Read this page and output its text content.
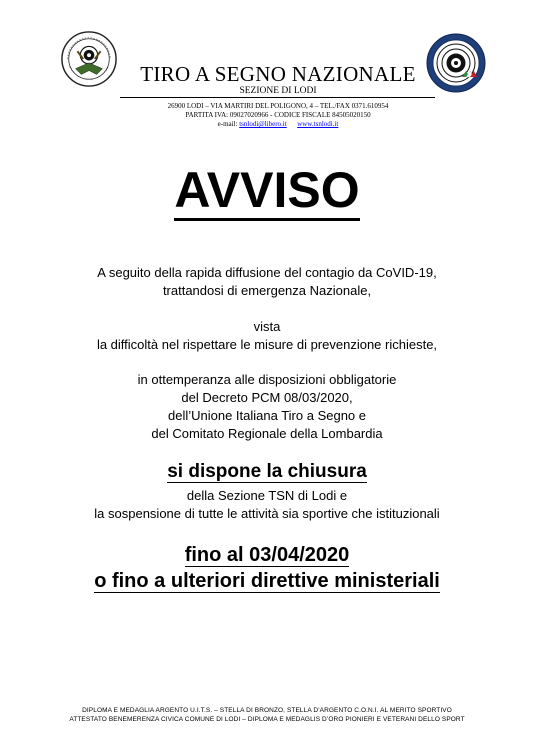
TIRO A SEGNO NAZIONALE
SEZIONE DI LODI
26900 LODI – VIA MARTIRI DEL POLIGONO, 4 – TEL./FAX 0371.610954
PARTITA IVA: 09027020966 - CODICE FISCALE 84505020150
e-mail: tsnlodi@libero.it www.tsnlodi.it
AVVISO
A seguito della rapida diffusione del contagio da CoVID-19,
trattandosi di emergenza Nazionale,
vista
la difficoltà nel rispettare le misure di prevenzione richieste,
in ottemperanza alle disposizioni obbligatorie
del Decreto PCM 08/03/2020,
dell’Unione Italiana Tiro a Segno e
del Comitato Regionale della Lombardia
si dispone la chiusura
della Sezione TSN di Lodi e
la sospensione di tutte le attività sia sportive che istituzionali
fino al 03/04/2020
o fino a ulteriori direttive ministeriali
DIPLOMA E MEDAGLIA ARGENTO U.I.T.S. – STELLA DI BRONZO, STELLA D’ARGENTO C.O.N.I. AL MERITO SPORTIVO
ATTESTATO BENEMERENZA CIVICA COMUNE DI LODI – DIPLOMA E MEDAGLIS D’ORO PIONIERI E VETERANI DELLO SPORT
